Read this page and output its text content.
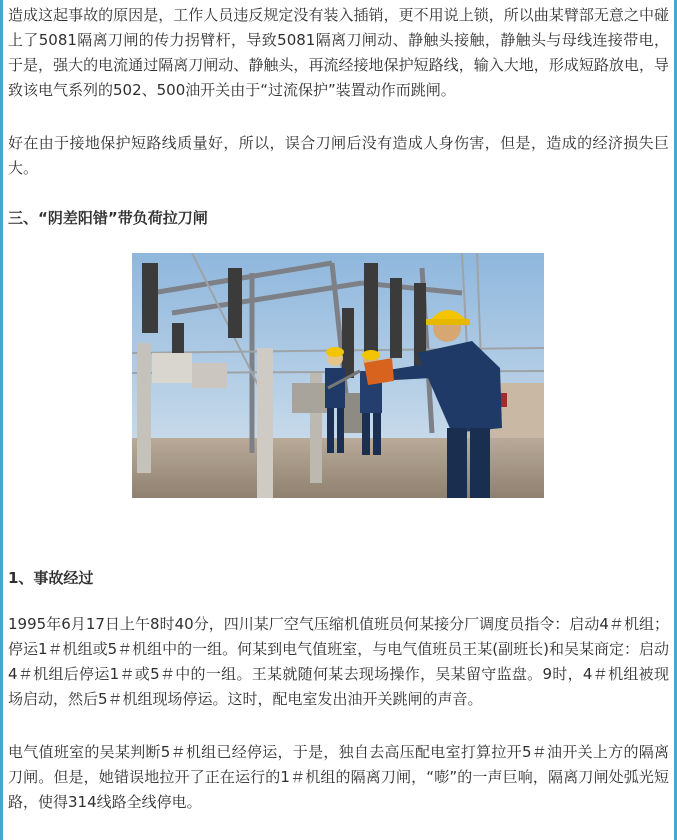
造成这起事故的原因是，工作人员违反规定没有装入插销，更不用说上锁，所以曲某臂部无意之中碰上了5081隔离刀闸的传力拐臂杆，导致5081隔离刀闸动、静触头接触，静触头与母线连接带电，于是，强大的电流通过隔离刀闸动、静触头，再流经接地保护短路线，输入大地，形成短路放电，导致该电气系列的502、500油开关由于“过流保护”装置动作而跳闸。

好在由于接地保护短路线质量好，所以，误合刀闸后没有造成人身伤害，但是，造成的经济损失巨大。

三、“阴差阳错”带负荷拉刀闸

1、事故经过

1995年6月17日上午8时40分，四川某厂空气压缩机值班员何某接分厂调度员指令：启动4＃机组；停运1＃机组或5＃机组中的一组。何某到电气值班室，与电气值班员王某(副班长)和吴某商定：启动4＃机组后停运1＃或5＃中的一组。王某就随何某去现场操作，吴某留守监盘。9时，4＃机组被现场启动，然后5＃机组现场停运。这时，配电室发出油开关跳闸的声音。

电气值班室的吴某判断5＃机组已经停运，于是，独自去高压配电室打算拉开5＃油开关上方的隔离刀闸。但是，她错误地拉开了正在运行的1＃机组的隔离刀闸，“嘭”的一声巨响，隔离刀闸处弧光短路，使得314线路全线停电。
